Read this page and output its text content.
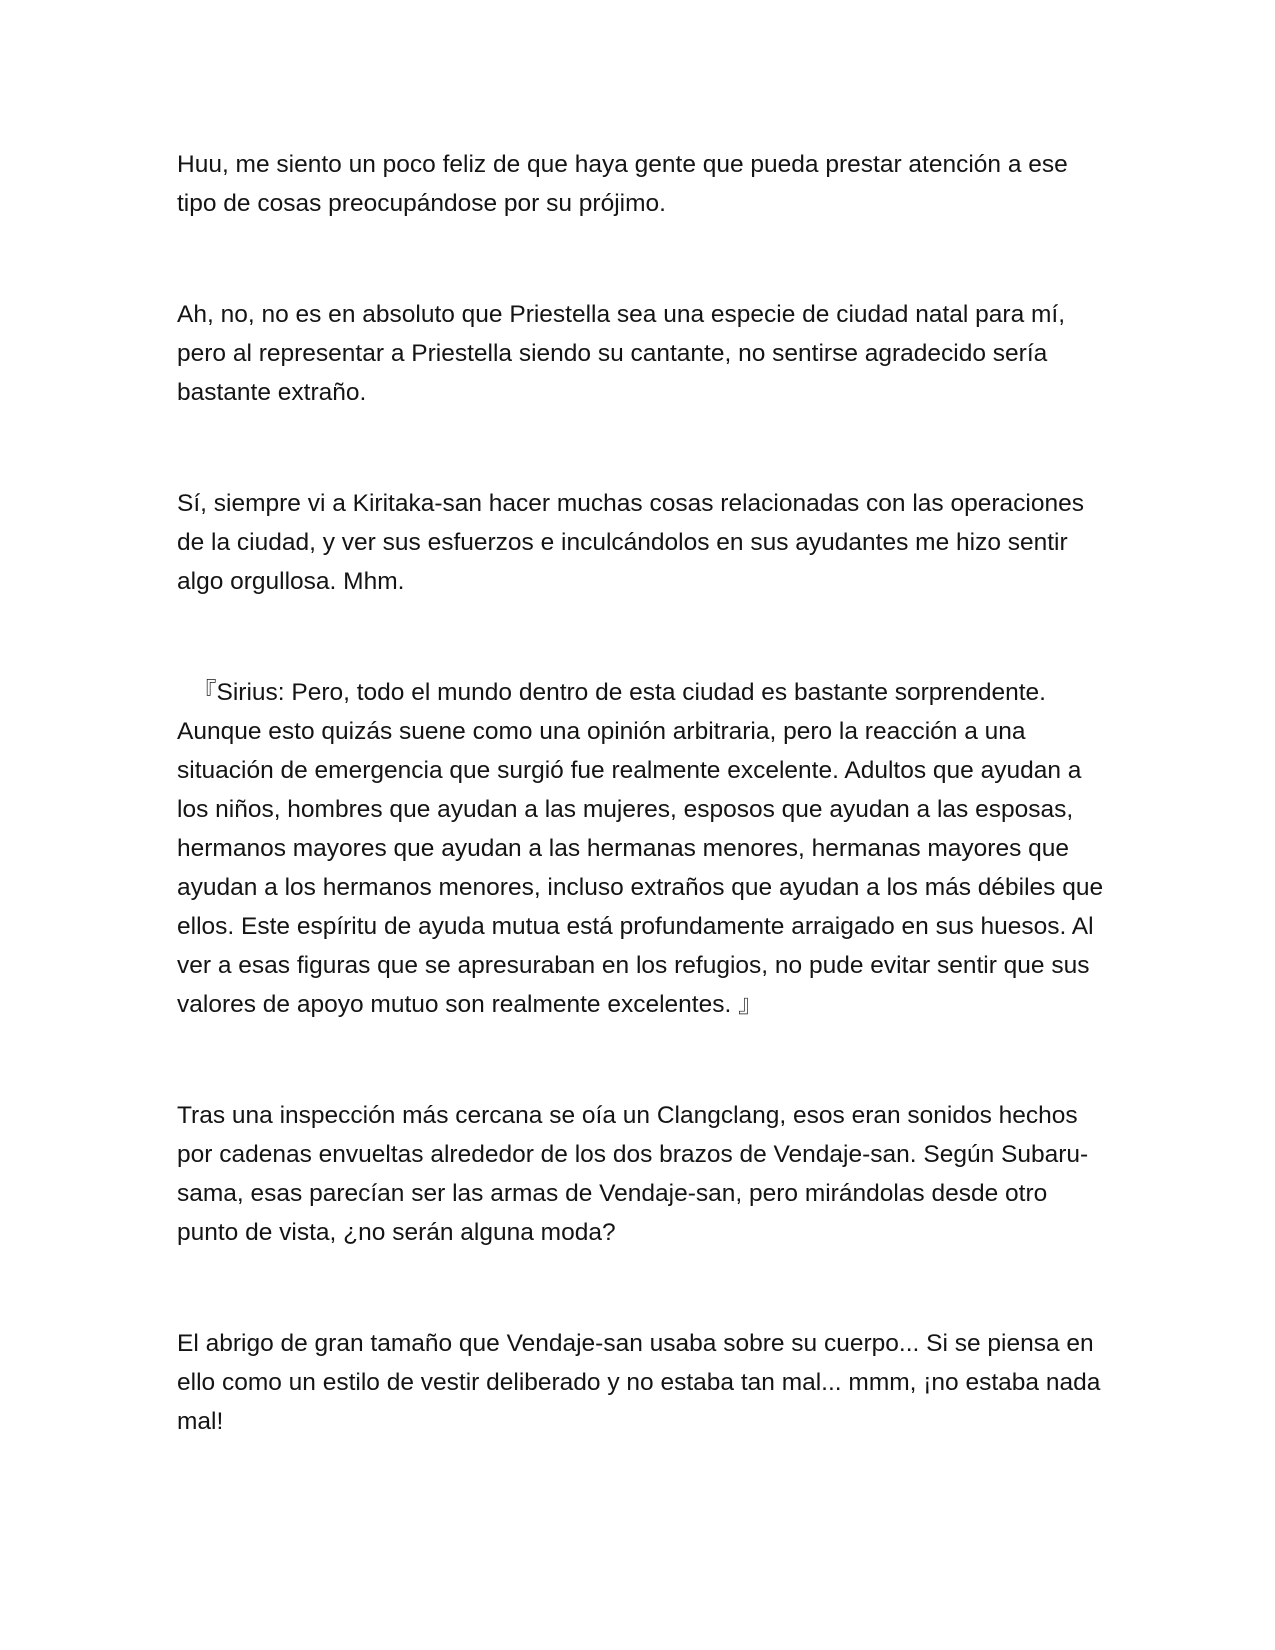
Huu, me siento un poco feliz de que haya gente que pueda prestar atención a ese tipo de cosas preocupándose por su prójimo.

Ah, no, no es en absoluto que Priestella sea una especie de ciudad natal para mí, pero al representar a Priestella siendo su cantante, no sentirse agradecido sería bastante extraño.

Sí, siempre vi a Kiritaka-san hacer muchas cosas relacionadas con las operaciones de la ciudad, y ver sus esfuerzos e inculcándolos en sus ayudantes me hizo sentir algo orgullosa. Mhm.

『Sirius: Pero, todo el mundo dentro de esta ciudad es bastante sorprendente. Aunque esto quizás suene como una opinión arbitraria, pero la reacción a una situación de emergencia que surgió fue realmente excelente. Adultos que ayudan a los niños, hombres que ayudan a las mujeres, esposos que ayudan a las esposas, hermanos mayores que ayudan a las hermanas menores, hermanas mayores que ayudan a los hermanos menores, incluso extraños que ayudan a los más débiles que ellos. Este espíritu de ayuda mutua está profundamente arraigado en sus huesos. Al ver a esas figuras que se apresuraban en los refugios, no pude evitar sentir que sus valores de apoyo mutuo son realmente excelentes. 』

Tras una inspección más cercana se oía un Clangclang, esos eran sonidos hechos por cadenas envueltas alrededor de los dos brazos de Vendaje-san. Según Subaru-sama, esas parecían ser las armas de Vendaje-san, pero mirándolas desde otro punto de vista, ¿no serán alguna moda?

El abrigo de gran tamaño que Vendaje-san usaba sobre su cuerpo... Si se piensa en ello como un estilo de vestir deliberado y no estaba tan mal... mmm, ¡no estaba nada mal!
